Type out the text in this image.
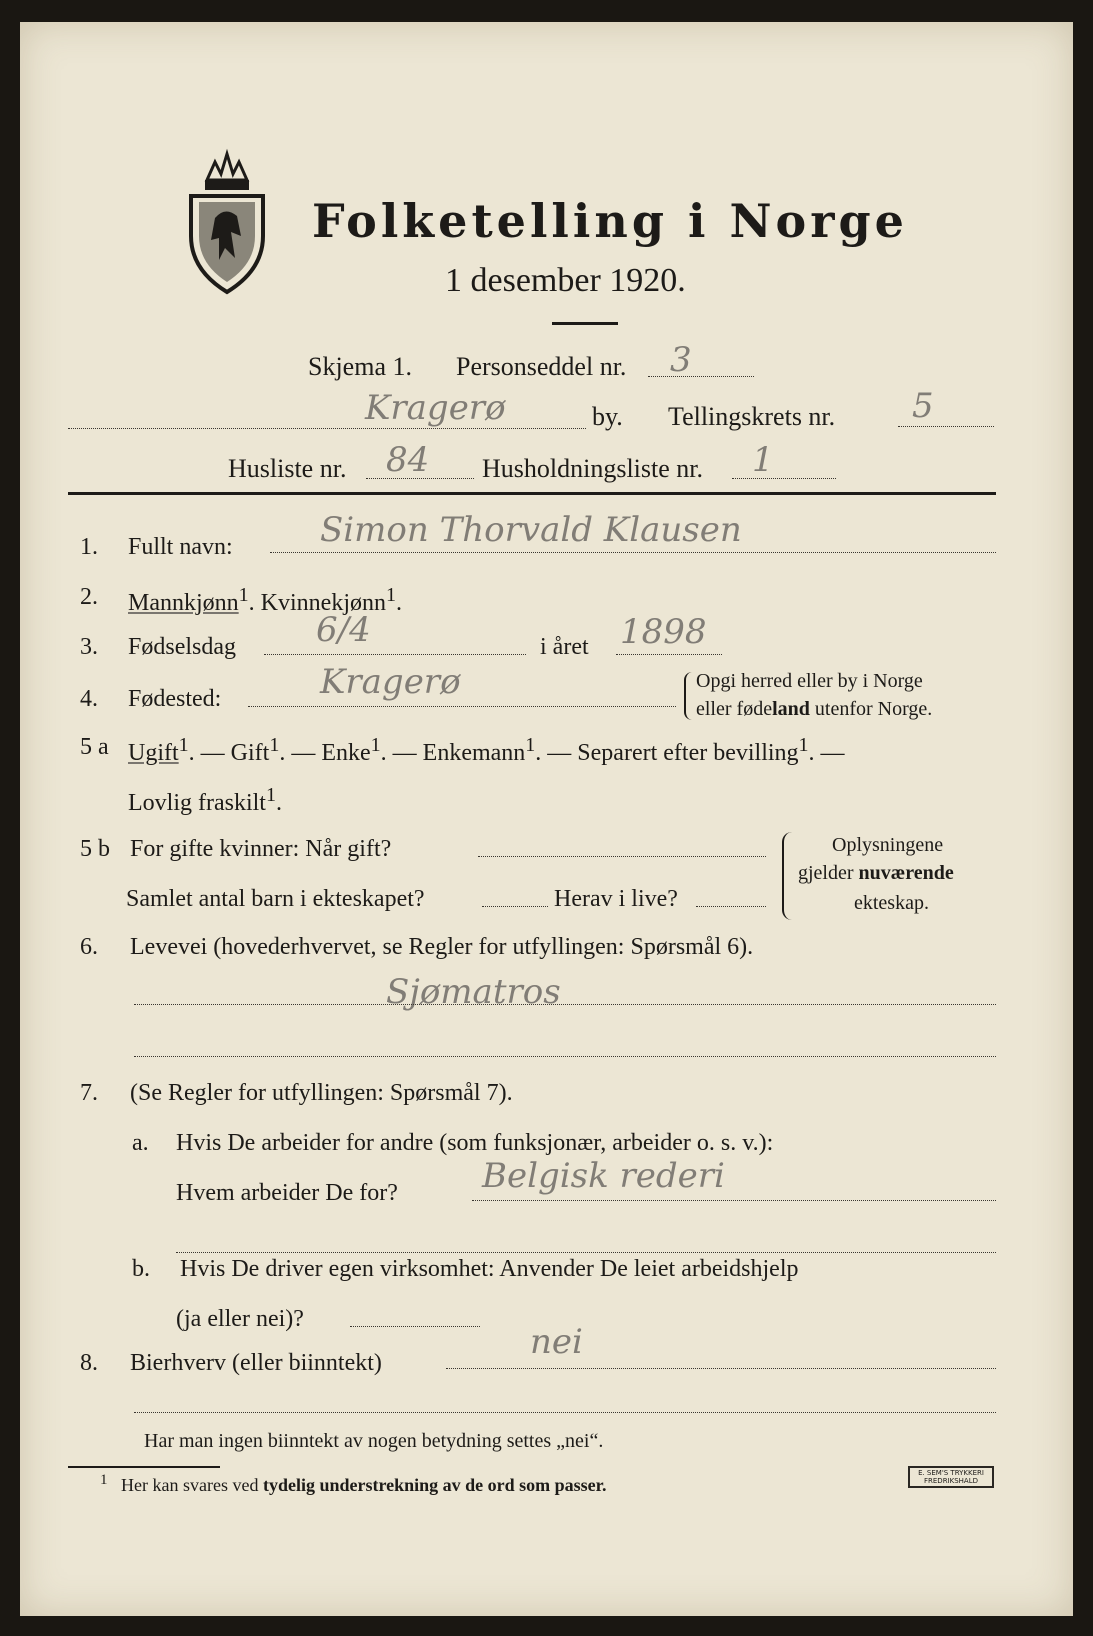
Folketelling i Norge
1 desember 1920.
Skjema 1. Personseddel nr. 3
Kragerø	by. Tellingskrets nr. 5
Husliste nr. 84 Husholdningsliste nr. 1
1. Fullt navn:	Simon Thorvald Klausen
2. Mannkjønn$^1$. Kvinnekjønn$^1$.
3. Fødselsdag 6/4	i året 1898
4. Fødested:	Kragerø	Opgi herred eller by i Norge
eller fødeland utenfor Norge.
5 a Ugift$^1$. — Gift$^1$. — Enke$^1$. — Enkemann$^1$. — Separert efter bevilling$^1$. —
Lovlig fraskilt$^1$.
5 b For gifte kvinner: Når gift?
Samlet antal barn i ekteskapet?	Herav i live?
Oplysningene
gjelder nuværende
ekteskap.
6. Levevei (hovederhvervet, se Regler for utfyllingen: Spørsmål 6).
Sjømatros
7. (Se Regler for utfyllingen: Spørsmål 7).
a. Hvis De arbeider for andre (som funksjonær, arbeider o. s. v.):
Hvem arbeider De for? Belgisk rederi
b. Hvis De driver egen virksomhet: Anvender De leiet arbeidshjelp
(ja eller nei)?
8. Bierhverv (eller biinntekt)
nei
Har man ingen biinntekt av nogen betydning settes „nei“.
$^1$ Her kan svares ved tydelig understrekning av de ord som passer.
E. SEM'S TRYKKERI
FREDRIKSHALD
